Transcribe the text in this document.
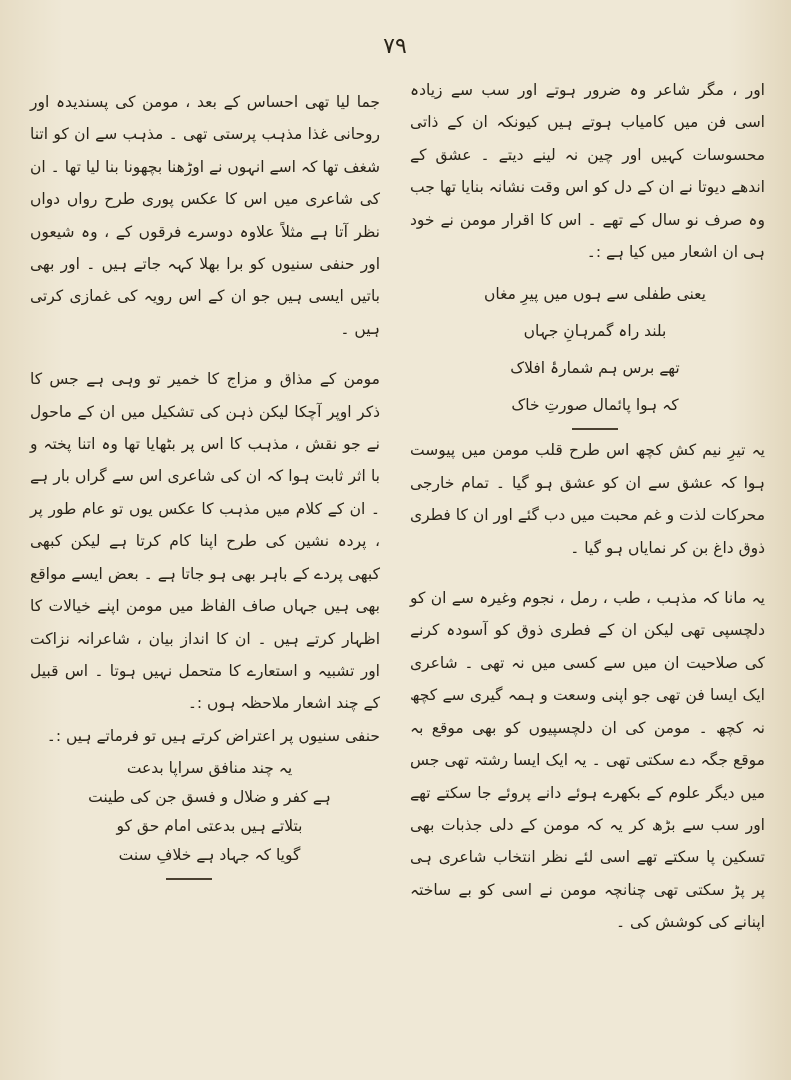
۷۹

اور ، مگر شاعر وہ ضرور ہوتے اور سب سے زیادہ اسی فن میں کامیاب ہوتے ہیں کیونکہ ان کے ذاتی محسوسات کہیں اور چین نہ لینے دیتے ۔ عشق کے اندھے دیوتا نے ان کے دل کو اس وقت نشانہ بنایا تھا جب وہ صرف نو سال کے تھے ۔ اس کا اقرار مومن نے خود ہی ان اشعار میں کیا ہے :۔

یعنی طفلی سے ہوں میں پیرِ مغاں

بلند راہ گمرہانِ جہاں

تھے برس ہم شمارۂ افلاک

کہ ہوا پائمال صورتِ خاک

یہ تیرِ نیم کش کچھ اس طرح قلب مومن میں پیوست ہوا کہ عشق سے ان کو عشق ہو گیا ۔ تمام خارجی محرکات لذت و غم محبت میں دب گئے اور ان کا فطری ذوق داغ بن کر نمایاں ہو گیا ۔

یہ مانا کہ مذہب ، طب ، رمل ، نجوم وغیرہ سے ان کو دلچسپی تھی لیکن ان کے فطری ذوق کو آسودہ کرنے کی صلاحیت ان میں سے کسی میں نہ تھی ۔ شاعری ایک ایسا فن تھی جو اپنی وسعت و ہمہ گیری سے کچھ نہ کچھ ۔ مومن کی ان دلچسپیوں کو بھی موقع بہ موقع جگہ دے سکتی تھی ۔ یہ ایک ایسا رشتہ تھی جس میں دیگر علوم کے بکھرے ہوئے دانے پروئے جا سکتے تھے اور سب سے بڑھ کر یہ کہ مومن کے دلی جذبات بھی تسکین پا سکتے تھے اسی لئے نظر انتخاب شاعری ہی پر پڑ سکتی تھی چنانچہ مومن نے اسی کو بے ساختہ اپنانے کی کوشش کی ۔

جما لیا تھی احساس کے بعد ، مومن کی پسندیدہ اور روحانی غذا مذہب پرستی تھی ۔ مذہب سے ان کو اتنا شغف تھا کہ اسے انہوں نے اوڑھنا بچھونا بنا لیا تھا ۔ ان کی شاعری میں اس کا عکس پوری طرح رواں دواں نظر آتا ہے مثلاً علاوہ دوسرے فرقوں کے ، وہ شیعوں اور حنفی سنیوں کو برا بھلا کہہ جاتے ہیں ۔ اور بھی باتیں ایسی ہیں جو ان کے اس رویہ کی غمازی کرتی ہیں ۔

مومن کے مذاق و مزاج کا خمیر تو وہی ہے جس کا ذکر اوپر آچکا لیکن ذہن کی تشکیل میں ان کے ماحول نے جو نقش ، مذہب کا اس پر بٹھایا تھا وہ اتنا پختہ و با اثر ثابت ہوا کہ ان کی شاعری اس سے گراں بار ہے ۔ ان کے کلام میں مذہب کا عکس یوں تو عام طور پر ، پردہ نشین کی طرح اپنا کام کرتا ہے لیکن کبھی کبھی پردے کے باہر بھی ہو جاتا ہے ۔ بعض ایسے مواقع بھی ہیں جہاں صاف الفاظ میں مومن اپنے خیالات کا اظہار کرتے ہیں ۔ ان کا انداز بیان ، شاعرانہ نزاکت اور تشبیہ و استعارے کا متحمل نہیں ہوتا ۔ اس قبیل کے چند اشعار ملاحظہ ہوں :۔

حنفی سنیوں پر اعتراض کرتے ہیں تو فرماتے ہیں :۔

یہ چند منافق سراپا بدعت

ہے کفر و ضلال و فسق جن کی طینت

بتلاتے ہیں بدعتی امام حق کو

گویا کہ جہاد ہے خلافِ سنت
